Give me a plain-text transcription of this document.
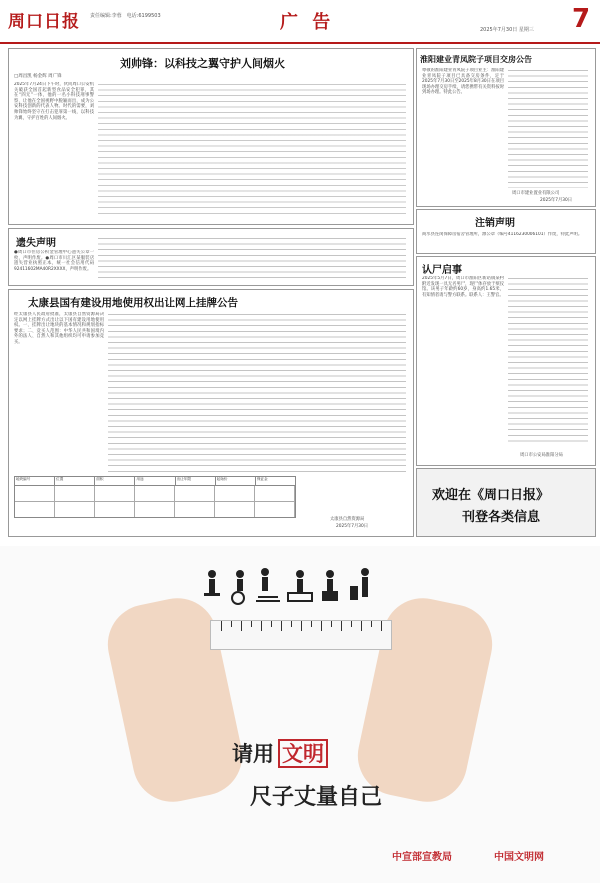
周口日报 责任编辑:李蓉　电话:6199503	广 告	2025年7月30日 星期三 7
刘帅锋：以科技之翼守护人间烟火
□周昌凯 杨金辉 周广锋
2025年7月24日下午时，伙同周口公安机关破获全国首起新型食品安全犯罪，其在“四无”一体，他的一名小科技刑事警察，让他在全国视野中脱颖而出，成为公安科技创新的代表人物。时代的需要，刘帅锋始终坚守在打击犯罪第一线，以科技为翼，守护百姓的人间烟火。
淮阳建业青凤院子项目交房公告
尊敬的淮阳建业青凤院子项目业主：淮阳建业青凤院子项目已具备交房条件，定于2025年7月30日至2025年8月30日在项目现场办理交房手续，请您携带有关资料按时到场办理。特此公告。
周口市建业置业有限公司
2025年7月30日
注销声明
商水县连岗保障房宿舍管理所，源公章（编号4116230006101）作废，特此声明。
认尸启事
2025年5月7日，周口市淮阳区新站镇某村附近发现一具无名男尸，现尸体存放于殡仪馆。该男子年龄约60岁，身高约1.65米，有知情者请与警方联系。联系人：王警官。
周口市公安局淮阳分局
遗失声明
●周口市住房公积金管理中心遗失公章一枚，声明作废。●周口市川汇区某服装店遗失营业执照正本，统一社会信用代码92411602MA40R2XXXX，声明作废。
太康县国有建设用地使用权出让网上挂牌公告
经太康县人民政府批准，太康县自然资源局决定以网上挂牌方式出让以下国有建设用地使用权。一、挂牌出让地块的基本情况和规划指标要求；二、竞买人范围：中华人民共和国境内外的法人、自然人和其他组织均可申请参加竞买。
地块编号	位置	面积	用途	出让年限	起始价	保证金
太康县自然资源局
2025年7月30日
欢迎在《周口日报》
刊登各类信息
请用 文明
尺子丈量自己
中宣部宣教局	中国文明网
